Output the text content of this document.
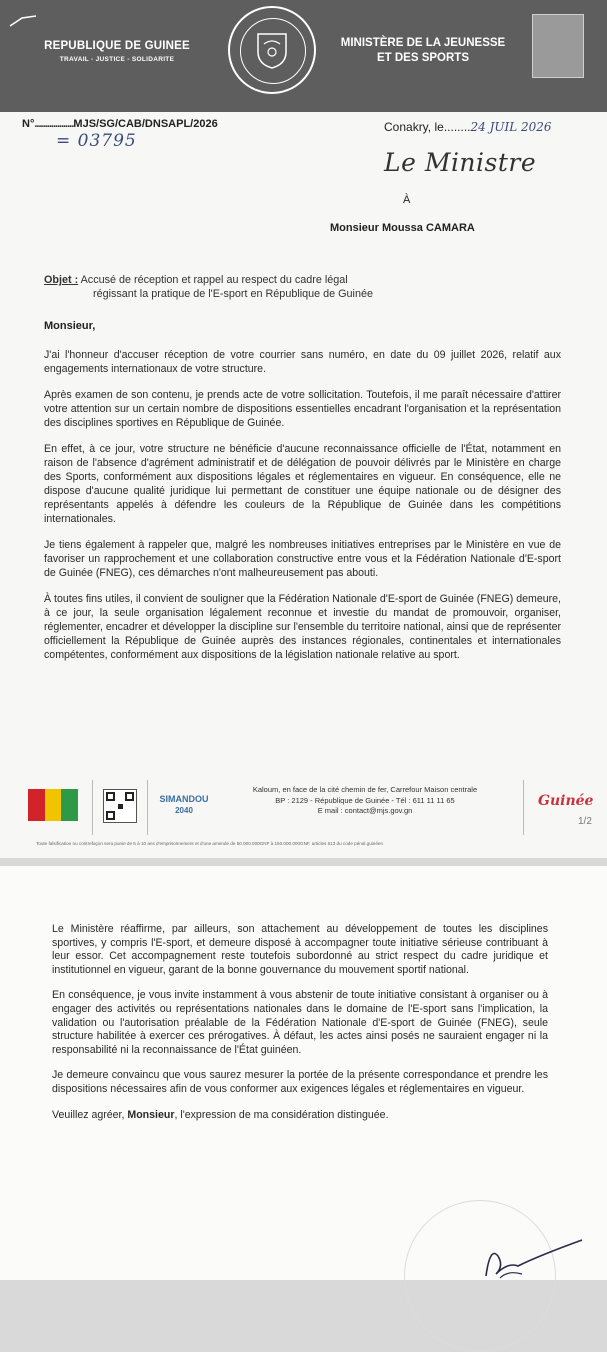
REPUBLIQUE DE GUINEE
TRAVAIL - JUSTICE - SOLIDARITE
MINISTÈRE DE LA JEUNESSE
ET DES SPORTS
N°...................MJS/SG/CAB/DNSAPL/2026
= 03795
Conakry, le........24 JUIL 2026
Le Ministre
À
Monsieur Moussa CAMARA
Objet : Accusé de réception et rappel au respect du cadre légal
régissant la pratique de l'E-sport en République de Guinée
Monsieur,

J'ai l'honneur d'accuser réception de votre courrier sans numéro, en date du 09 juillet 2026, relatif aux engagements internationaux de votre structure.

Après examen de son contenu, je prends acte de votre sollicitation. Toutefois, il me paraît nécessaire d'attirer votre attention sur un certain nombre de dispositions essentielles encadrant l'organisation et la représentation des disciplines sportives en République de Guinée.

En effet, à ce jour, votre structure ne bénéficie d'aucune reconnaissance officielle de l'État, notamment en raison de l'absence d'agrément administratif et de délégation de pouvoir délivrés par le Ministère en charge des Sports, conformément aux dispositions légales et réglementaires en vigueur. En conséquence, elle ne dispose d'aucune qualité juridique lui permettant de constituer une équipe nationale ou de désigner des représentants appelés à défendre les couleurs de la République de Guinée dans les compétitions internationales.

Je tiens également à rappeler que, malgré les nombreuses initiatives entreprises par le Ministère en vue de favoriser un rapprochement et une collaboration constructive entre vous et la Fédération Nationale d'E-sport de Guinée (FNEG), ces démarches n'ont malheureusement pas abouti.

À toutes fins utiles, il convient de souligner que la Fédération Nationale d'E-sport de Guinée (FNEG) demeure, à ce jour, la seule organisation légalement reconnue et investie du mandat de promouvoir, organiser, réglementer, encadrer et développer la discipline sur l'ensemble du territoire national, ainsi que de représenter officiellement la République de Guinée auprès des instances régionales, continentales et internationales compétentes, conformément aux dispositions de la législation nationale relative au sport.

SIMANDOU
2040
Kaloum, en face de la cité chemin de fer, Carrefour Maison centrale
BP : 2129 - République de Guinée - Tél : 611 11 11 65
E mail : contact@mjs.gov.gn
Guinée
Toute falsification ou contrefaçon sera punie de 5 à 10 ans d'emprisonnement et d'une amende de 50.000.000GNF à 150.000.000GNF, articles 613 du code pénal guinéen
1/2

Le Ministère réaffirme, par ailleurs, son attachement au développement de toutes les disciplines sportives, y compris l'E-sport, et demeure disposé à accompagner toute initiative sérieuse contribuant à leur essor. Cet accompagnement reste toutefois subordonné au strict respect du cadre juridique et institutionnel en vigueur, garant de la bonne gouvernance du mouvement sportif national.

En conséquence, je vous invite instamment à vous abstenir de toute initiative consistant à organiser ou à engager des activités ou représentations nationales dans le domaine de l'E-sport sans l'implication, la validation ou l'autorisation préalable de la Fédération Nationale d'E-sport de Guinée (FNEG), seule structure habilitée à exercer ces prérogatives. À défaut, les actes ainsi posés ne sauraient engager ni la responsabilité ni la reconnaissance de l'État guinéen.

Je demeure convaincu que vous saurez mesurer la portée de la présente correspondance et prendre les dispositions nécessaires afin de vous conformer aux exigences légales et réglementaires en vigueur.

Veuillez agréer, Monsieur, l'expression de ma considération distinguée.
